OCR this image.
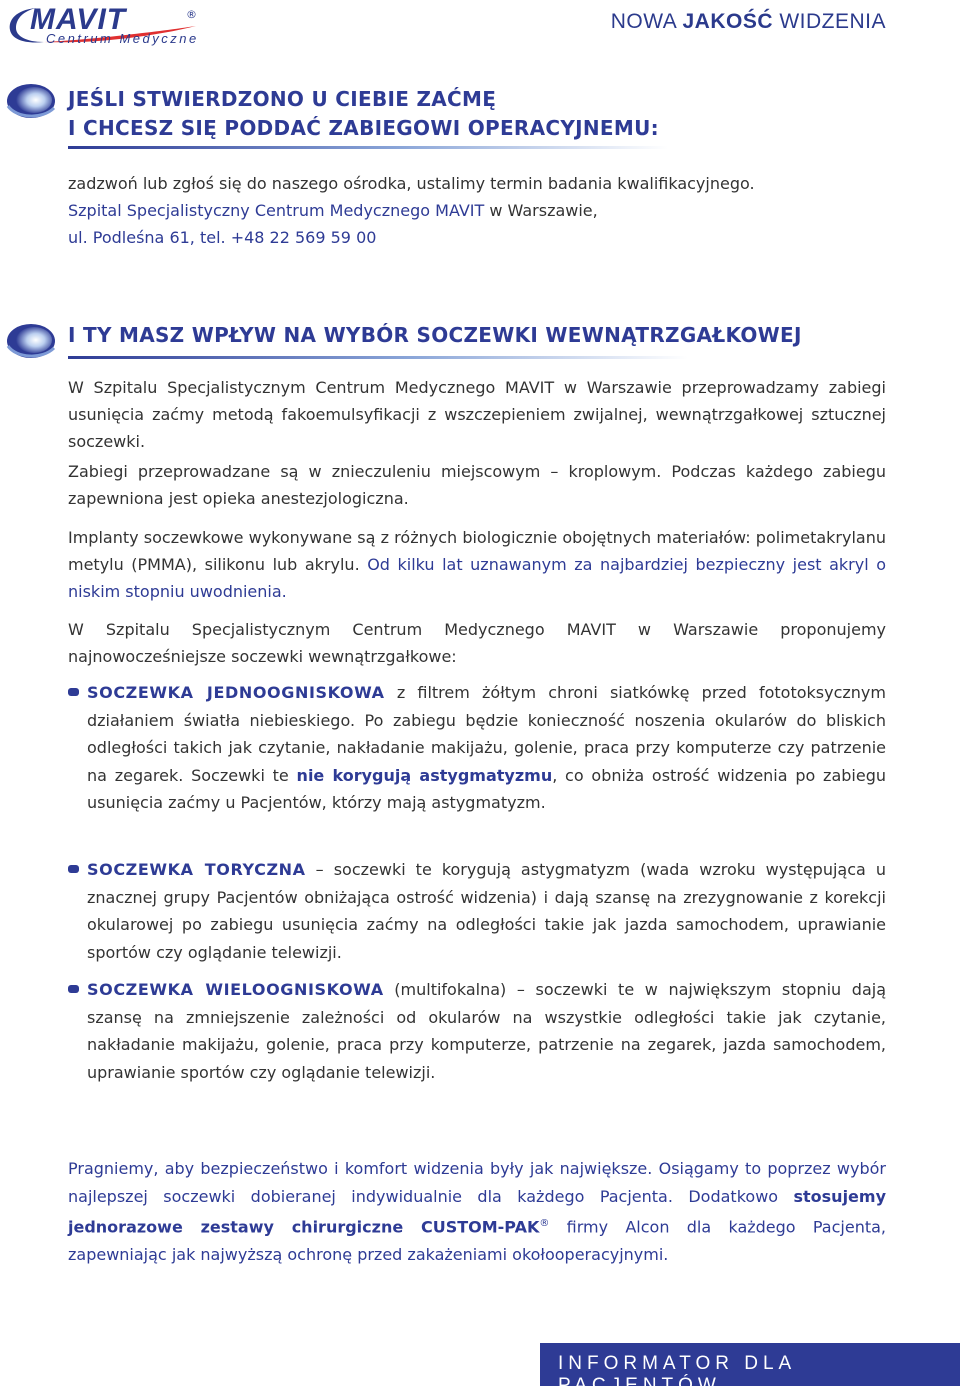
MAVIT	®
Centrum Medyczne
NOWA JAKOŚĆ WIDZENIA
JEŚLI STWIERDZONO U CIEBIE ZAĆMĘ
I CHCESZ SIĘ PODDAĆ ZABIEGOWI OPERACYJNEMU:
zadzwoń lub zgłoś się do naszego ośrodka, ustalimy termin badania kwalifikacyjnego.
Szpital Specjalistyczny Centrum Medycznego MAVIT w Warszawie,
ul. Podleśna 61, tel. +48 22 569 59 00
I TY MASZ WPŁYW NA WYBÓR SOCZEWKI WEWNĄTRZGAŁKOWEJ
W Szpitalu Specjalistycznym Centrum Medycznego MAVIT w Warszawie przeprowadzamy zabiegi usunięcia zaćmy metodą fakoemulsyfikacji z wszczepieniem zwijalnej, wewnątrzgałkowej sztucznej soczewki.
Zabiegi przeprowadzane są w znieczuleniu miejscowym – kroplowym. Podczas każdego zabiegu zapewniona jest opieka anestezjologiczna.
Implanty soczewkowe wykonywane są z różnych biologicznie obojętnych materiałów: polimetakrylanu metylu (PMMA), silikonu lub akrylu. Od kilku lat uznawanym za najbardziej bezpieczny jest akryl o niskim stopniu uwodnienia.
W Szpitalu Specjalistycznym Centrum Medycznego MAVIT w Warszawie proponujemy najnowocześniejsze soczewki wewnątrzgałkowe:
SOCZEWKA JEDNOOGNISKOWA z filtrem żółtym chroni siatkówkę przed fototoksycznym działaniem światła niebieskiego. Po zabiegu będzie konieczność noszenia okularów do bliskich odległości takich jak czytanie, nakładanie makijażu, golenie, praca przy komputerze czy patrzenie na zegarek. Soczewki te nie korygują astygmatyzmu, co obniża ostrość widzenia po zabiegu usunięcia zaćmy u Pacjentów, którzy mają astygmatyzm.
SOCZEWKA TORYCZNA – soczewki te korygują astygmatyzm (wada wzroku występująca u znacznej grupy Pacjentów obniżająca ostrość widzenia) i dają szansę na zrezygnowanie z korekcji okularowej po zabiegu usunięcia zaćmy na odległości takie jak jazda samochodem, uprawianie sportów czy oglądanie telewizji.
SOCZEWKA WIELOOGNISKOWA (multifokalna) – soczewki te w największym stopniu dają szansę na zmniejszenie zależności od okularów na wszystkie odległości takie jak czytanie, nakładanie makijażu, golenie, praca przy komputerze, patrzenie na zegarek, jazda samochodem, uprawianie sportów czy oglądanie telewizji.
Pragniemy, aby bezpieczeństwo i komfort widzenia były jak największe. Osiągamy to poprzez wybór najlepszej soczewki dobieranej indywidualnie dla każdego Pacjenta. Dodatkowo stosujemy jednorazowe zestawy chirurgiczne CUSTOM-PAK® firmy Alcon dla każdego Pacjenta, zapewniając jak najwyższą ochronę przed zakażeniami okołooperacyjnymi.
INFORMATOR DLA PACJENTÓW
